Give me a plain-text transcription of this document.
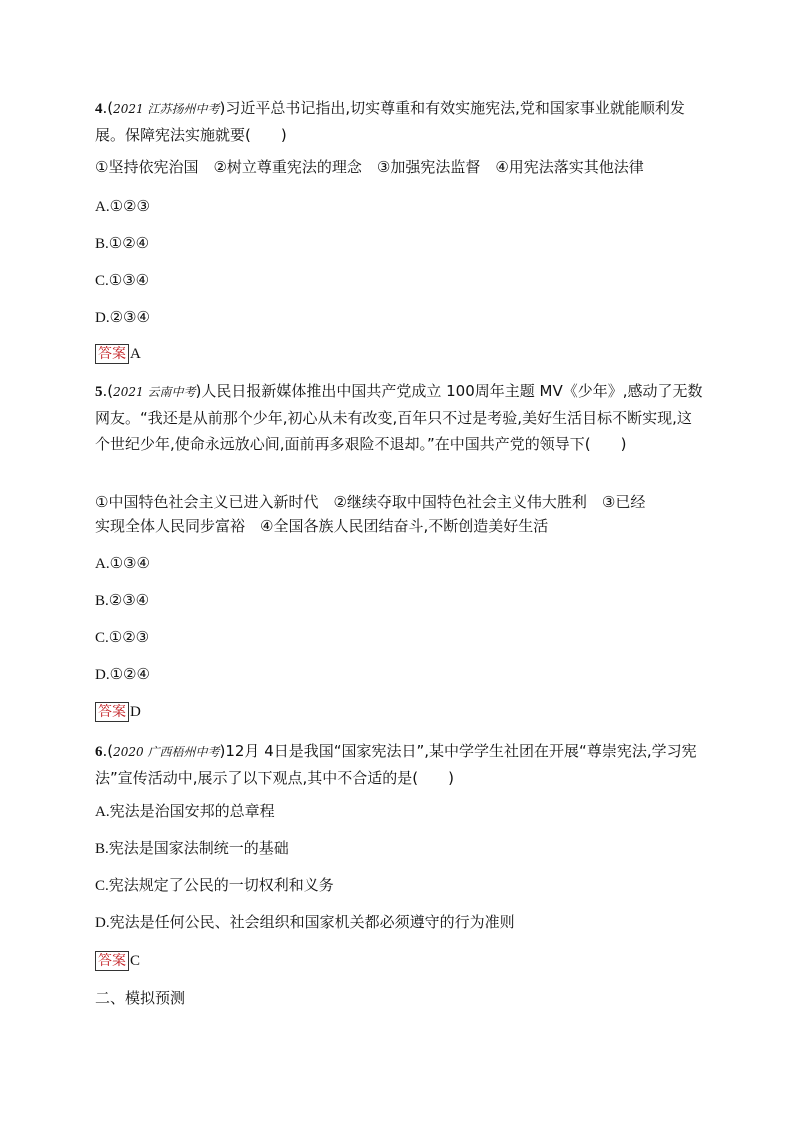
4.(2021 江苏扬州中考)习近平总书记指出,切实尊重和有效实施宪法,党和国家事业就能顺利发展。保障宪法实施就要(　　)
①坚持依宪治国　②树立尊重宪法的理念　③加强宪法监督　④用宪法落实其他法律
A.①②③
B.①②④
C.①③④
D.②③④
答案 A
5.(2021 云南中考)人民日报新媒体推出中国共产党成立 100周年主题 MV《少年》,感动了无数网友。“我还是从前那个少年,初心从未有改变,百年只不过是考验,美好生活目标不断实现,这个世纪少年,使命永远放心间,面前再多艰险不退却。”在中国共产党的领导下(　　)
①中国特色社会主义已进入新时代　②继续夺取中国特色社会主义伟大胜利　③已经
实现全体人民同步富裕　④全国各族人民团结奋斗,不断创造美好生活
A.①③④
B.②③④
C.①②③
D.①②④
答案 D
6.(2020 广西梧州中考)12月 4日是我国“国家宪法日”,某中学学生社团在开展“尊崇宪法,学习宪法”宣传活动中,展示了以下观点,其中不合适的是(　　)
A.宪法是治国安邦的总章程
B.宪法是国家法制统一的基础
C.宪法规定了公民的一切权利和义务
D.宪法是任何公民、社会组织和国家机关都必须遵守的行为准则
答案 C
二、模拟预测
